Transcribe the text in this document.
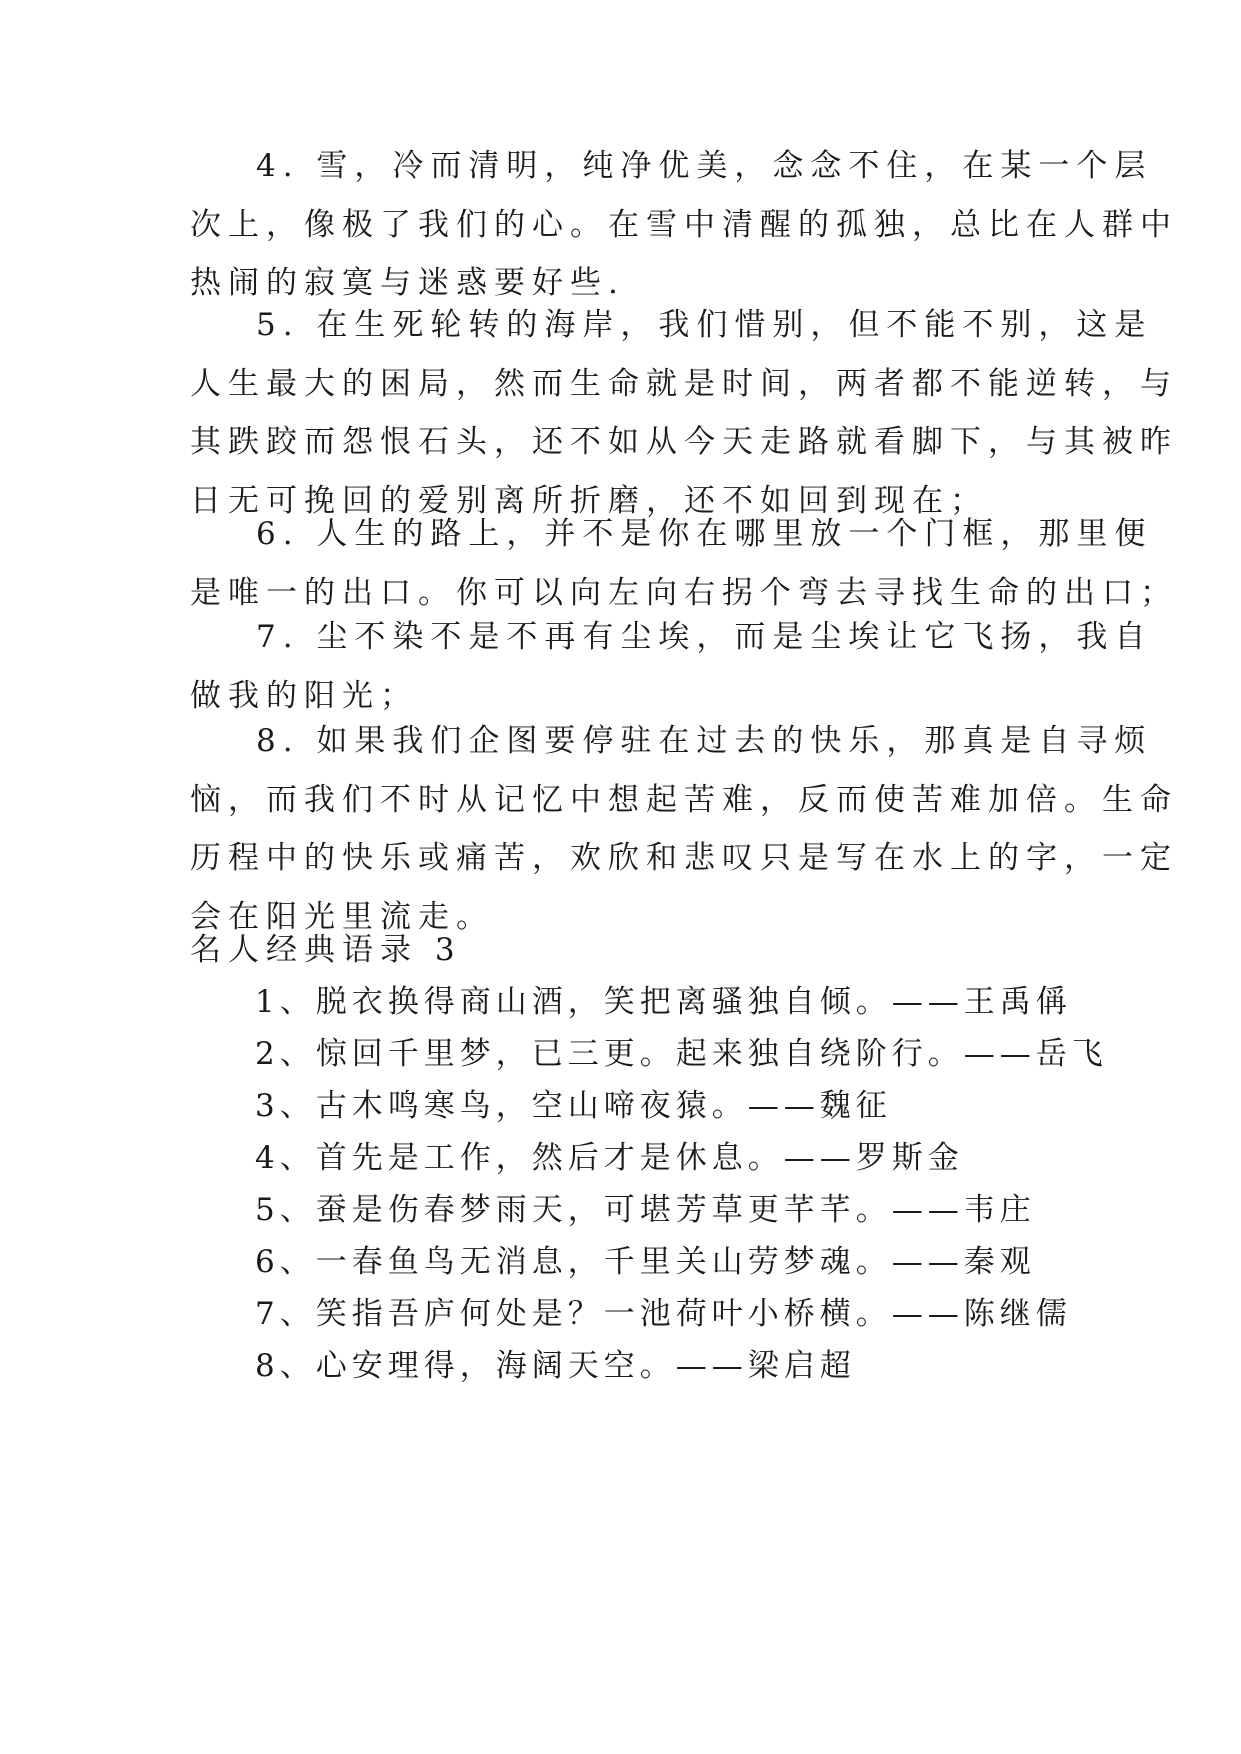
4. 雪，冷而清明，纯净优美，念念不住，在某一个层
次上，像极了我们的心。在雪中清醒的孤独，总比在人群中
热闹的寂寞与迷惑要好些.
5. 在生死轮转的海岸，我们惜别，但不能不别，这是
人生最大的困局，然而生命就是时间，两者都不能逆转，与
其跌跤而怨恨石头，还不如从今天走路就看脚下，与其被昨
日无可挽回的爱别离所折磨，还不如回到现在；
6. 人生的路上，并不是你在哪里放一个门框，那里便
是唯一的出口。你可以向左向右拐个弯去寻找生命的出口；
7. 尘不染不是不再有尘埃，而是尘埃让它飞扬，我自
做我的阳光；
8. 如果我们企图要停驻在过去的快乐，那真是自寻烦
恼，而我们不时从记忆中想起苦难，反而使苦难加倍。生命
历程中的快乐或痛苦，欢欣和悲叹只是写在水上的字，一定
会在阳光里流走。
名人经典语录 3
1、脱衣换得商山酒，笑把离骚独自倾。——王禹偁
2、惊回千里梦，已三更。起来独自绕阶行。——岳飞
3、古木鸣寒鸟，空山啼夜猿。——魏征
4、首先是工作，然后才是休息。——罗斯金
5、蚕是伤春梦雨天，可堪芳草更芊芊。——韦庄
6、一春鱼鸟无消息，千里关山劳梦魂。——秦观
7、笑指吾庐何处是？一池荷叶小桥横。——陈继儒
8、心安理得，海阔天空。——梁启超
